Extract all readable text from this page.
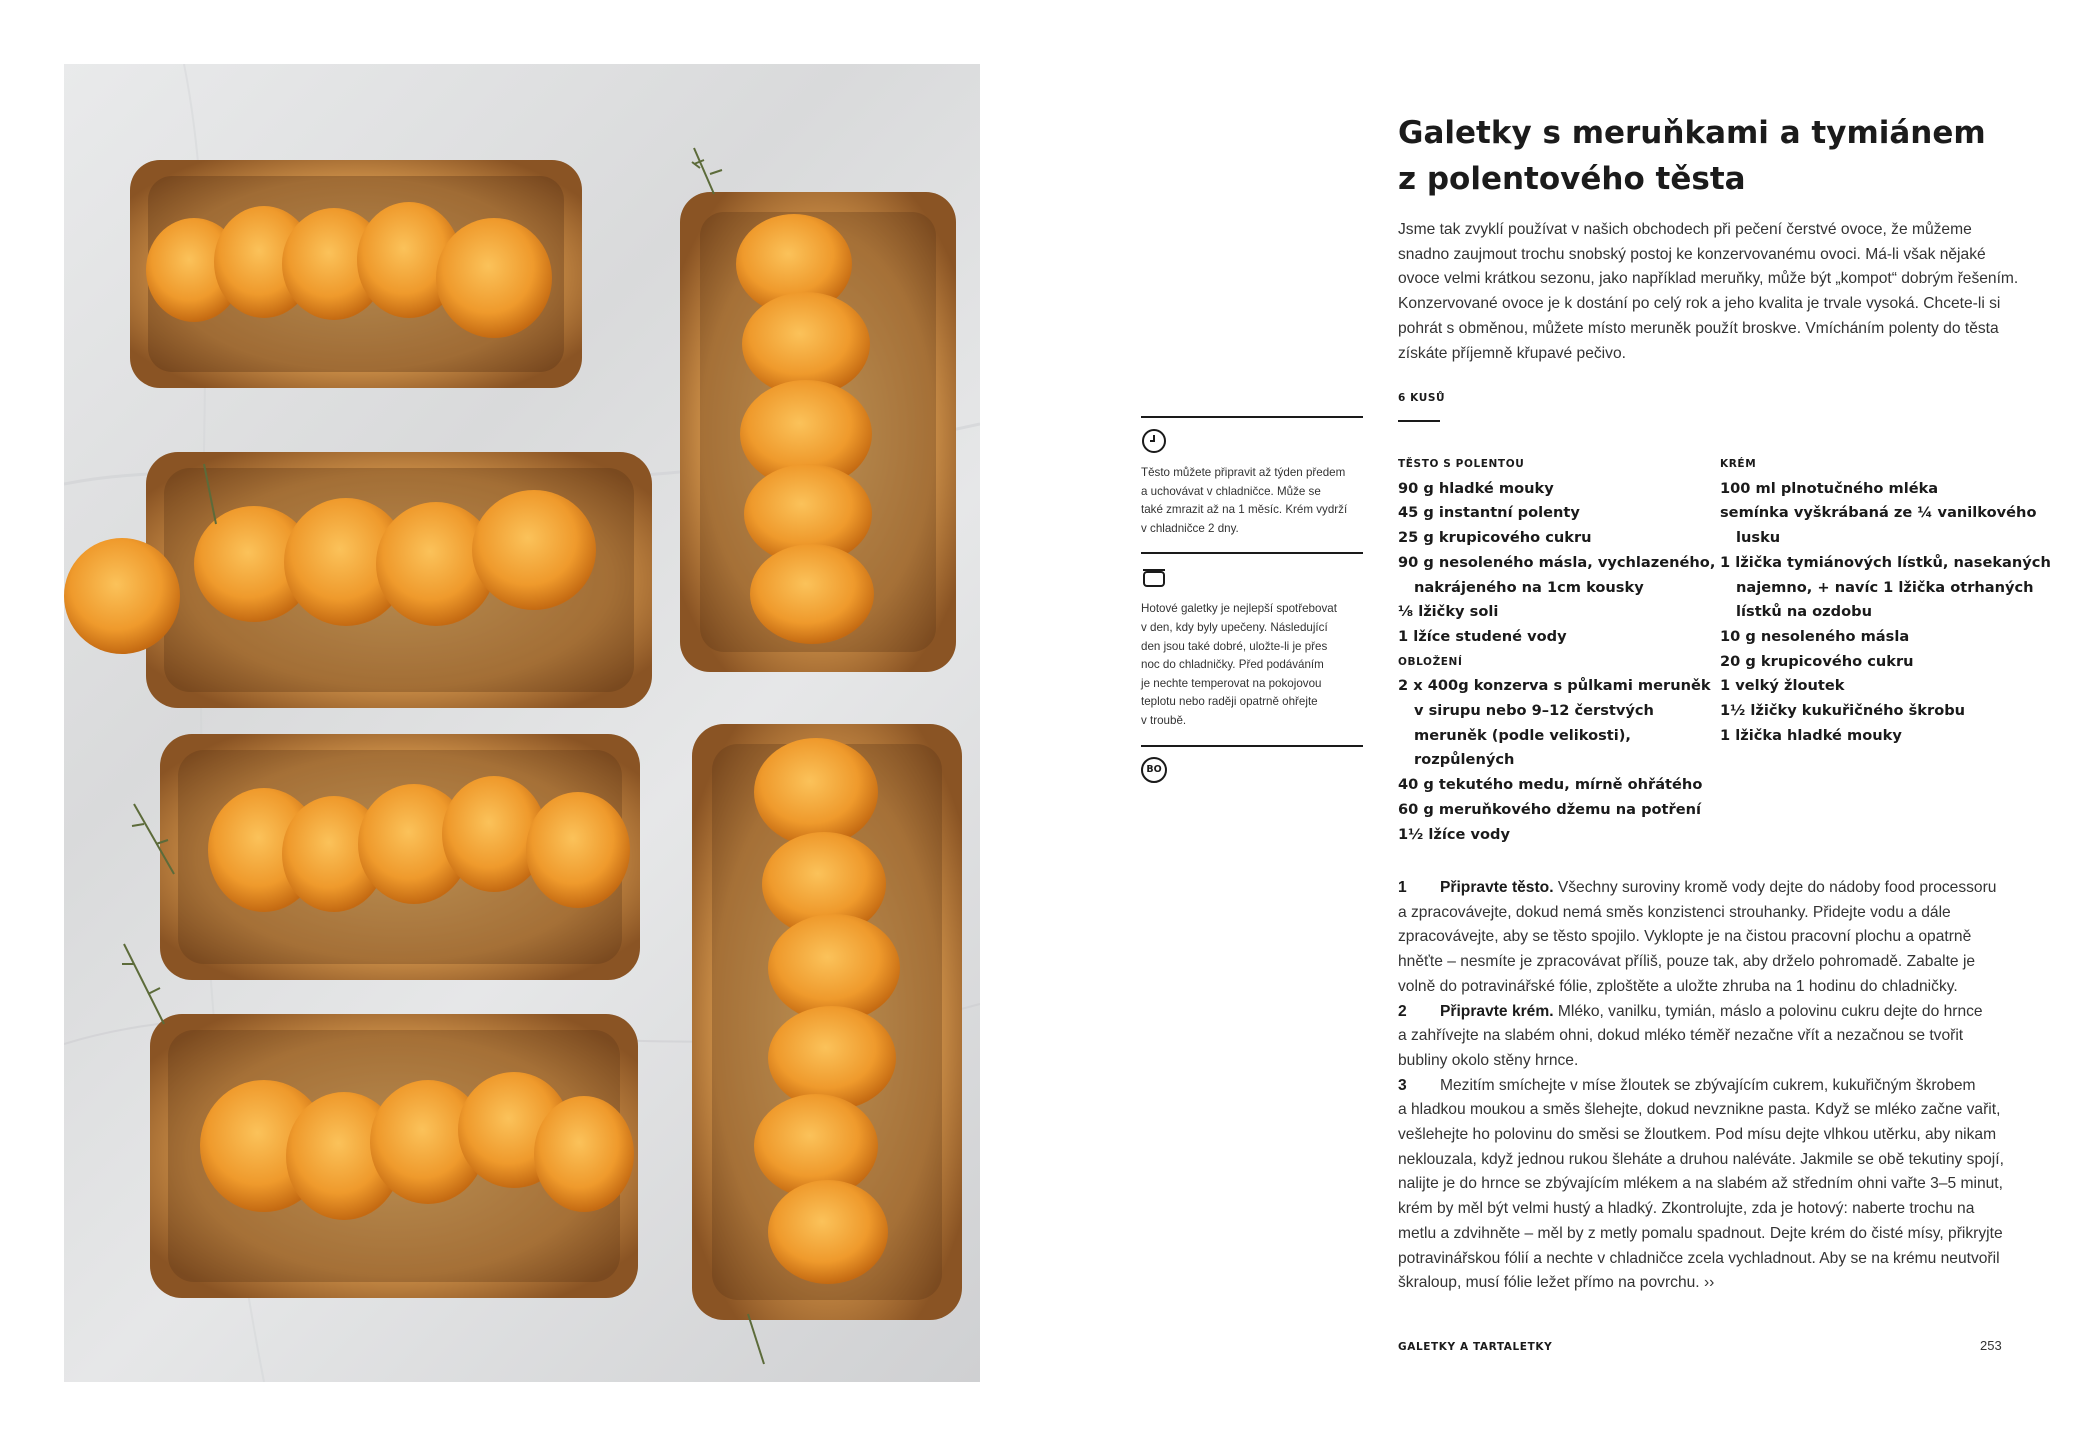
Galetky s meruňkami a tymiánem
z polentového těsta
Jsme tak zvyklí používat v našich obchodech při pečení čerstvé ovoce, že můžeme
snadno zaujmout trochu snobský postoj ke konzervovanému ovoci. Má-li však nějaké
ovoce velmi krátkou sezonu, jako například meruňky, může být „kompot“ dobrým řešením.
Konzervované ovoce je k dostání po celý rok a jeho kvalita je trvale vysoká. Chcete-li si
pohrát s obměnou, můžete místo meruněk použít broskve. Vmícháním polenty do těsta
získáte příjemně křupavé pečivo.
6 KUSŮ
TĚSTO S POLENTOU
90 g hladké mouky
45 g instantní polenty
25 g krupicového cukru
90 g nesoleného másla, vychlazeného,
nakrájeného na 1cm kousky
⅛ lžičky soli
1 lžíce studené vody
OBLOŽENÍ
2 x 400g konzerva s půlkami meruněk
v sirupu nebo 9–12 čerstvých
meruněk (podle velikosti),
rozpůlených
40 g tekutého medu, mírně ohřátého
60 g meruňkového džemu na potření
1½ lžíce vody
KRÉM
100 ml plnotučného mléka
semínka vyškrábaná ze ¼ vanilkového
lusku
1 lžička tymiánových lístků, nasekaných
najemno, + navíc 1 lžička otrhaných
lístků na ozdobu
10 g nesoleného másla
20 g krupicového cukru
1 velký žloutek
1½ lžičky kukuřičného škrobu
1 lžička hladké mouky
1 Připravte těsto. Všechny suroviny kromě vody dejte do nádoby food processoru
a zpracovávejte, dokud nemá směs konzistenci strouhanky. Přidejte vodu a dále
zpracovávejte, aby se těsto spojilo. Vyklopte je na čistou pracovní plochu a opatrně
hněťte – nesmíte je zpracovávat příliš, pouze tak, aby drželo pohromadě. Zabalte je
volně do potravinářské fólie, zploštěte a uložte zhruba na 1 hodinu do chladničky.
2 Připravte krém. Mléko, vanilku, tymián, máslo a polovinu cukru dejte do hrnce
a zahřívejte na slabém ohni, dokud mléko téměř nezačne vřít a nezačnou se tvořit
bubliny okolo stěny hrnce.
3 Mezitím smíchejte v míse žloutek se zbývajícím cukrem, kukuřičným škrobem
a hladkou moukou a směs šlehejte, dokud nevznikne pasta. Když se mléko začne vařit,
vešlehejte ho polovinu do směsi se žloutkem. Pod mísu dejte vlhkou utěrku, aby nikam
neklouzala, když jednou rukou šleháte a druhou naléváte. Jakmile se obě tekutiny spojí,
nalijte je do hrnce se zbývajícím mlékem a na slabém až středním ohni vařte 3–5 minut,
krém by měl být velmi hustý a hladký. Zkontrolujte, zda je hotový: naberte trochu na
metlu a zdvihněte – měl by z metly pomalu spadnout. Dejte krém do čisté mísy, přikryjte
potravinářskou fólií a nechte v chladničce zcela vychladnout. Aby se na krému neutvořil
škraloup, musí fólie ležet přímo na povrchu. ››
Těsto můžete připravit až týden předem
a uchovávat v chladničce. Může se
také zmrazit až na 1 měsíc. Krém vydrží
v chladničce 2 dny.
Hotové galetky je nejlepší spotřebovat
v den, kdy byly upečeny. Následující
den jsou také dobré, uložte-li je přes
noc do chladničky. Před podáváním
je nechte temperovat na pokojovou
teplotu nebo raději opatrně ohřejte
v troubě.
BO
GALETKY A TARTALETKY	253
